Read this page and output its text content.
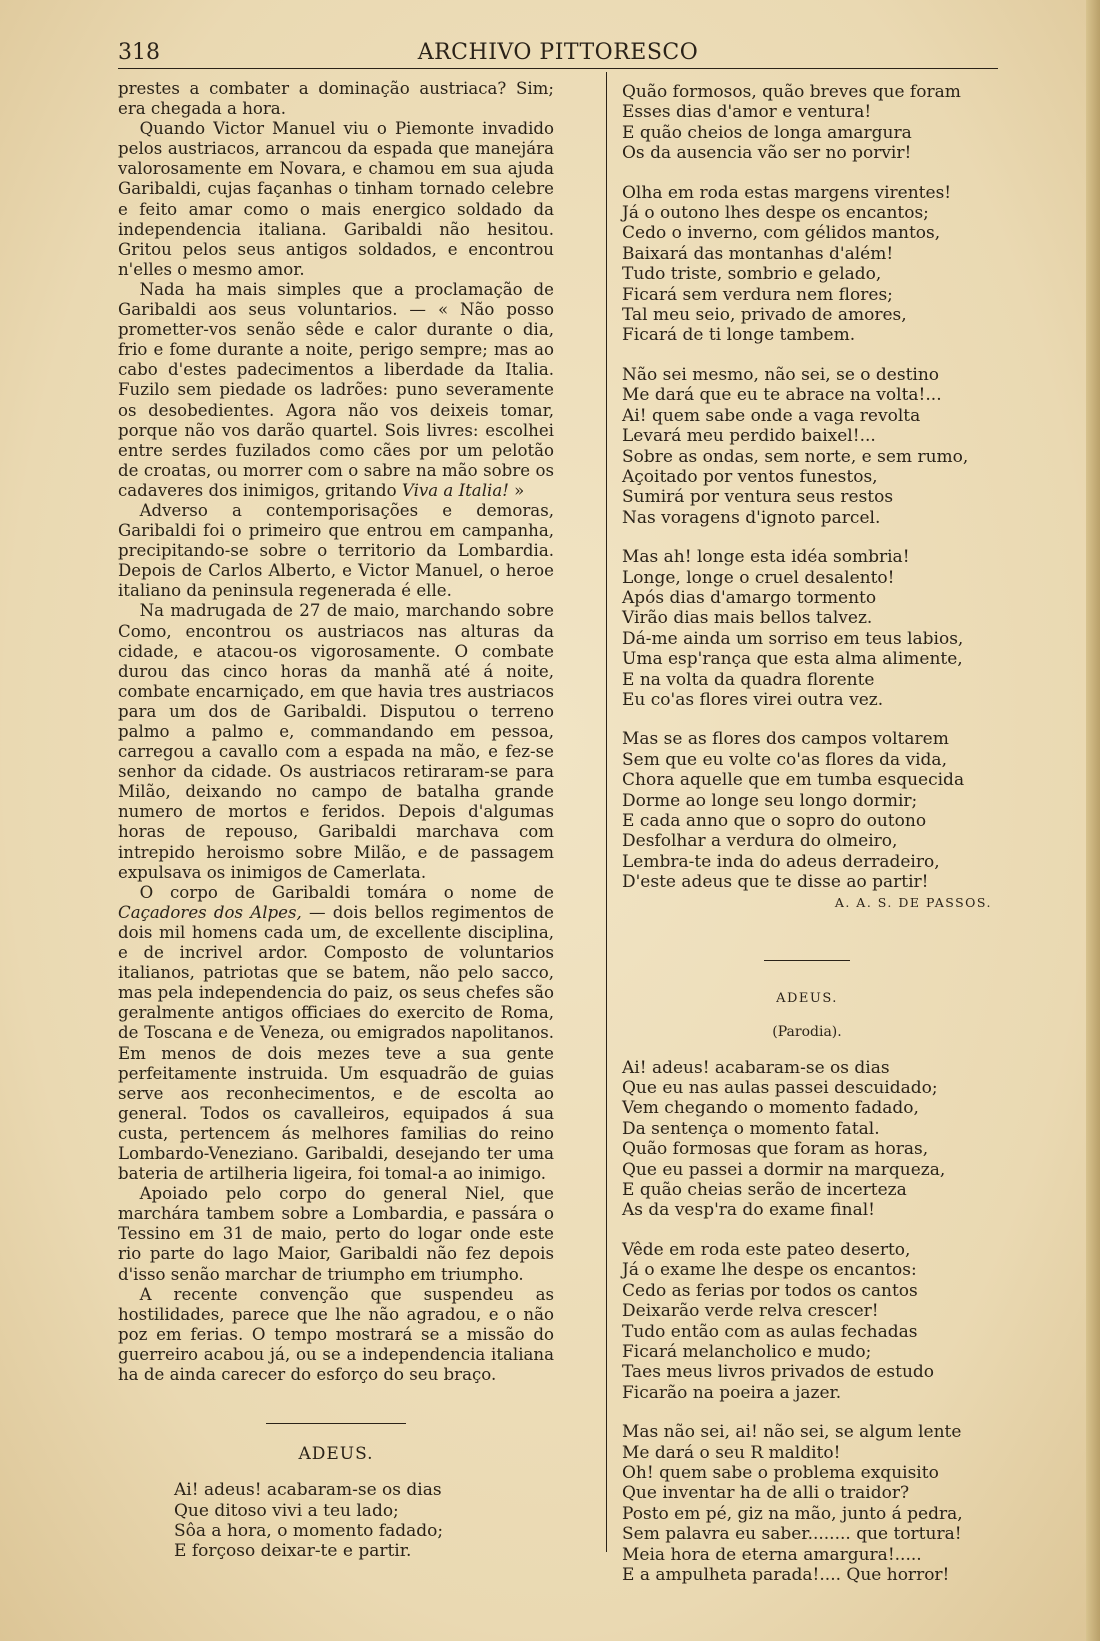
318	ARCHIVO PITTORESCO

prestes a combater a dominação austriaca? Sim; era chegada a hora.

Quando Victor Manuel viu o Piemonte invadido pelos austriacos, arrancou da espada que manejára valorosamente em Novara, e chamou em sua ajuda Garibaldi, cujas façanhas o tinham tornado celebre e feito amar como o mais energico soldado da independencia italiana. Garibaldi não hesitou. Gritou pelos seus antigos soldados, e encontrou n'elles o mesmo amor.

Nada ha mais simples que a proclamação de Garibaldi aos seus voluntarios. — « Não posso prometter-vos senão sêde e calor durante o dia, frio e fome durante a noite, perigo sempre; mas ao cabo d'estes padecimentos a liberdade da Italia. Fuzilo sem piedade os ladrões: puno severamente os desobedientes. Agora não vos deixeis tomar, porque não vos darão quartel. Sois livres: escolhei entre serdes fuzilados como cães por um pelotão de croatas, ou morrer com o sabre na mão sobre os cadaveres dos inimigos, gritando Viva a Italia! »

Adverso a contemporisações e demoras, Garibaldi foi o primeiro que entrou em campanha, precipitando-se sobre o territorio da Lombardia. Depois de Carlos Alberto, e Victor Manuel, o heroe italiano da peninsula regenerada é elle.

Na madrugada de 27 de maio, marchando sobre Como, encontrou os austriacos nas alturas da cidade, e atacou-os vigorosamente. O combate durou das cinco horas da manhã até á noite, combate encarniçado, em que havia tres austriacos para um dos de Garibaldi. Disputou o terreno palmo a palmo e, commandando em pessoa, carregou a cavallo com a espada na mão, e fez-se senhor da cidade. Os austriacos retiraram-se para Milão, deixando no campo de batalha grande numero de mortos e feridos. Depois d'algumas horas de repouso, Garibaldi marchava com intrepido heroismo sobre Milão, e de passagem expulsava os inimigos de Camerlata.

O corpo de Garibaldi tomára o nome de Caçadores dos Alpes, — dois bellos regimentos de dois mil homens cada um, de excellente disciplina, e de incrivel ardor. Composto de voluntarios italianos, patriotas que se batem, não pelo sacco, mas pela independencia do paiz, os seus chefes são geralmente antigos officiaes do exercito de Roma, de Toscana e de Veneza, ou emigrados napolitanos. Em menos de dois mezes teve a sua gente perfeitamente instruida. Um esquadrão de guias serve aos reconhecimentos, e de escolta ao general. Todos os cavalleiros, equipados á sua custa, pertencem ás melhores familias do reino Lombardo-Veneziano. Garibaldi, desejando ter uma bateria de artilheria ligeira, foi tomal-a ao inimigo.

Apoiado pelo corpo do general Niel, que marchára tambem sobre a Lombardia, e passára o Tessino em 31 de maio, perto do logar onde este rio parte do lago Maior, Garibaldi não fez depois d'isso senão marchar de triumpho em triumpho.

A recente convenção que suspendeu as hostilidades, parece que lhe não agradou, e o não poz em ferias. O tempo mostrará se a missão do guerreiro acabou já, ou se a independencia italiana ha de ainda carecer do esforço do seu braço.

ADEUS.
Ai! adeus! acabaram-se os dias
Que ditoso vivi a teu lado;
Sôa a hora, o momento fadado;
E forçoso deixar-te e partir.
Quão formosos, quão breves que foram
Esses dias d'amor e ventura!
E quão cheios de longa amargura
Os da ausencia vão ser no porvir!
Olha em roda estas margens virentes!
Já o outono lhes despe os encantos;
Cedo o inverno, com gélidos mantos,
Baixará das montanhas d'além!
Tudo triste, sombrio e gelado,
Ficará sem verdura nem flores;
Tal meu seio, privado de amores,
Ficará de ti longe tambem.
Não sei mesmo, não sei, se o destino
Me dará que eu te abrace na volta!...
Ai! quem sabe onde a vaga revolta
Levará meu perdido baixel!...
Sobre as ondas, sem norte, e sem rumo,
Açoitado por ventos funestos,
Sumirá por ventura seus restos
Nas voragens d'ignoto parcel.
Mas ah! longe esta idéa sombria!
Longe, longe o cruel desalento!
Após dias d'amargo tormento
Virão dias mais bellos talvez.
Dá-me ainda um sorriso em teus labios,
Uma esp'rança que esta alma alimente,
E na volta da quadra florente
Eu co'as flores virei outra vez.
Mas se as flores dos campos voltarem
Sem que eu volte co'as flores da vida,
Chora aquelle que em tumba esquecida
Dorme ao longe seu longo dormir;
E cada anno que o sopro do outono
Desfolhar a verdura do olmeiro,
Lembra-te inda do adeus derradeiro,
D'este adeus que te disse ao partir!
A. A. S. DE PASSOS.
ADEUS.
(Parodia).
Ai! adeus! acabaram-se os dias
Que eu nas aulas passei descuidado;
Vem chegando o momento fadado,
Da sentença o momento fatal.
Quão formosas que foram as horas,
Que eu passei a dormir na marqueza,
E quão cheias serão de incerteza
As da vesp'ra do exame final!
Vêde em roda este pateo deserto,
Já o exame lhe despe os encantos:
Cedo as ferias por todos os cantos
Deixarão verde relva crescer!
Tudo então com as aulas fechadas
Ficará melancholico e mudo;
Taes meus livros privados de estudo
Ficarão na poeira a jazer.
Mas não sei, ai! não sei, se algum lente
Me dará o seu R maldito!
Oh! quem sabe o problema exquisito
Que inventar ha de alli o traidor?
Posto em pé, giz na mão, junto á pedra,
Sem palavra eu saber........ que tortura!
Meia hora de eterna amargura!.....
E a ampulheta parada!.... Que horror!
